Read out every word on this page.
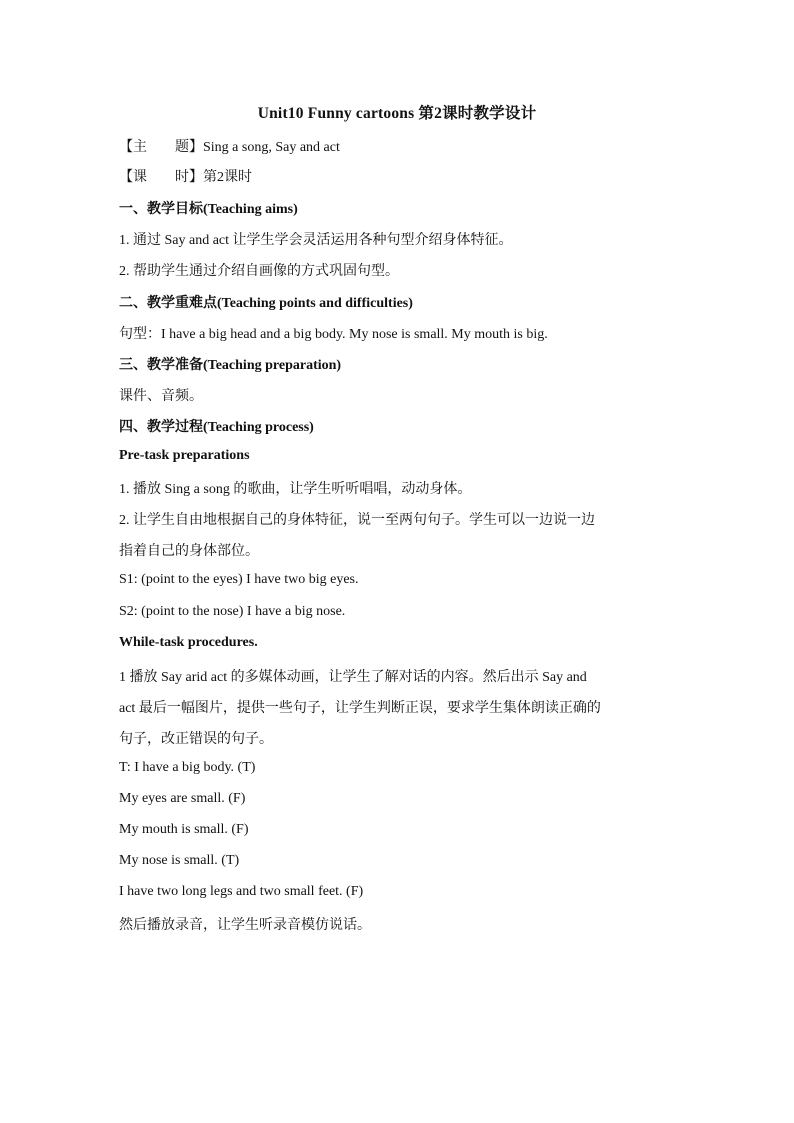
Unit10 Funny cartoons 第2课时教学设计
【主　　题】Sing a song, Say and act
【课　　时】第2课时
一、教学目标(Teaching aims)
1. 通过 Say and act 让学生学会灵活运用各种句型介绍身体特征。
2. 帮助学生通过介绍自画像的方式巩固句型。
二、教学重难点(Teaching points and difficulties)
句型：I have a big head and a big body. My nose is small. My mouth is big.
三、教学准备(Teaching preparation)
课件、音频。
四、教学过程(Teaching process)
Pre-task preparations
1. 播放 Sing a song 的歌曲，让学生听听唱唱，动动身体。
2. 让学生自由地根据自己的身体特征，说一至两句句子。学生可以一边说一边
指着自己的身体部位。
S1: (point to the eyes) I have two big eyes.
S2: (point to the nose) I have a big nose.
While-task procedures.
1 播放 Say arid act 的多媒体动画，让学生了解对话的内容。然后出示 Say and
act 最后一幅图片，提供一些句子，让学生判断正误，要求学生集体朗读正确的
句子，改正错误的句子。
T: I have a big body. (T)
My eyes are small. (F)
My mouth is small. (F)
My nose is small. (T)
I have two long legs and two small feet. (F)
然后播放录音，让学生听录音模仿说话。
